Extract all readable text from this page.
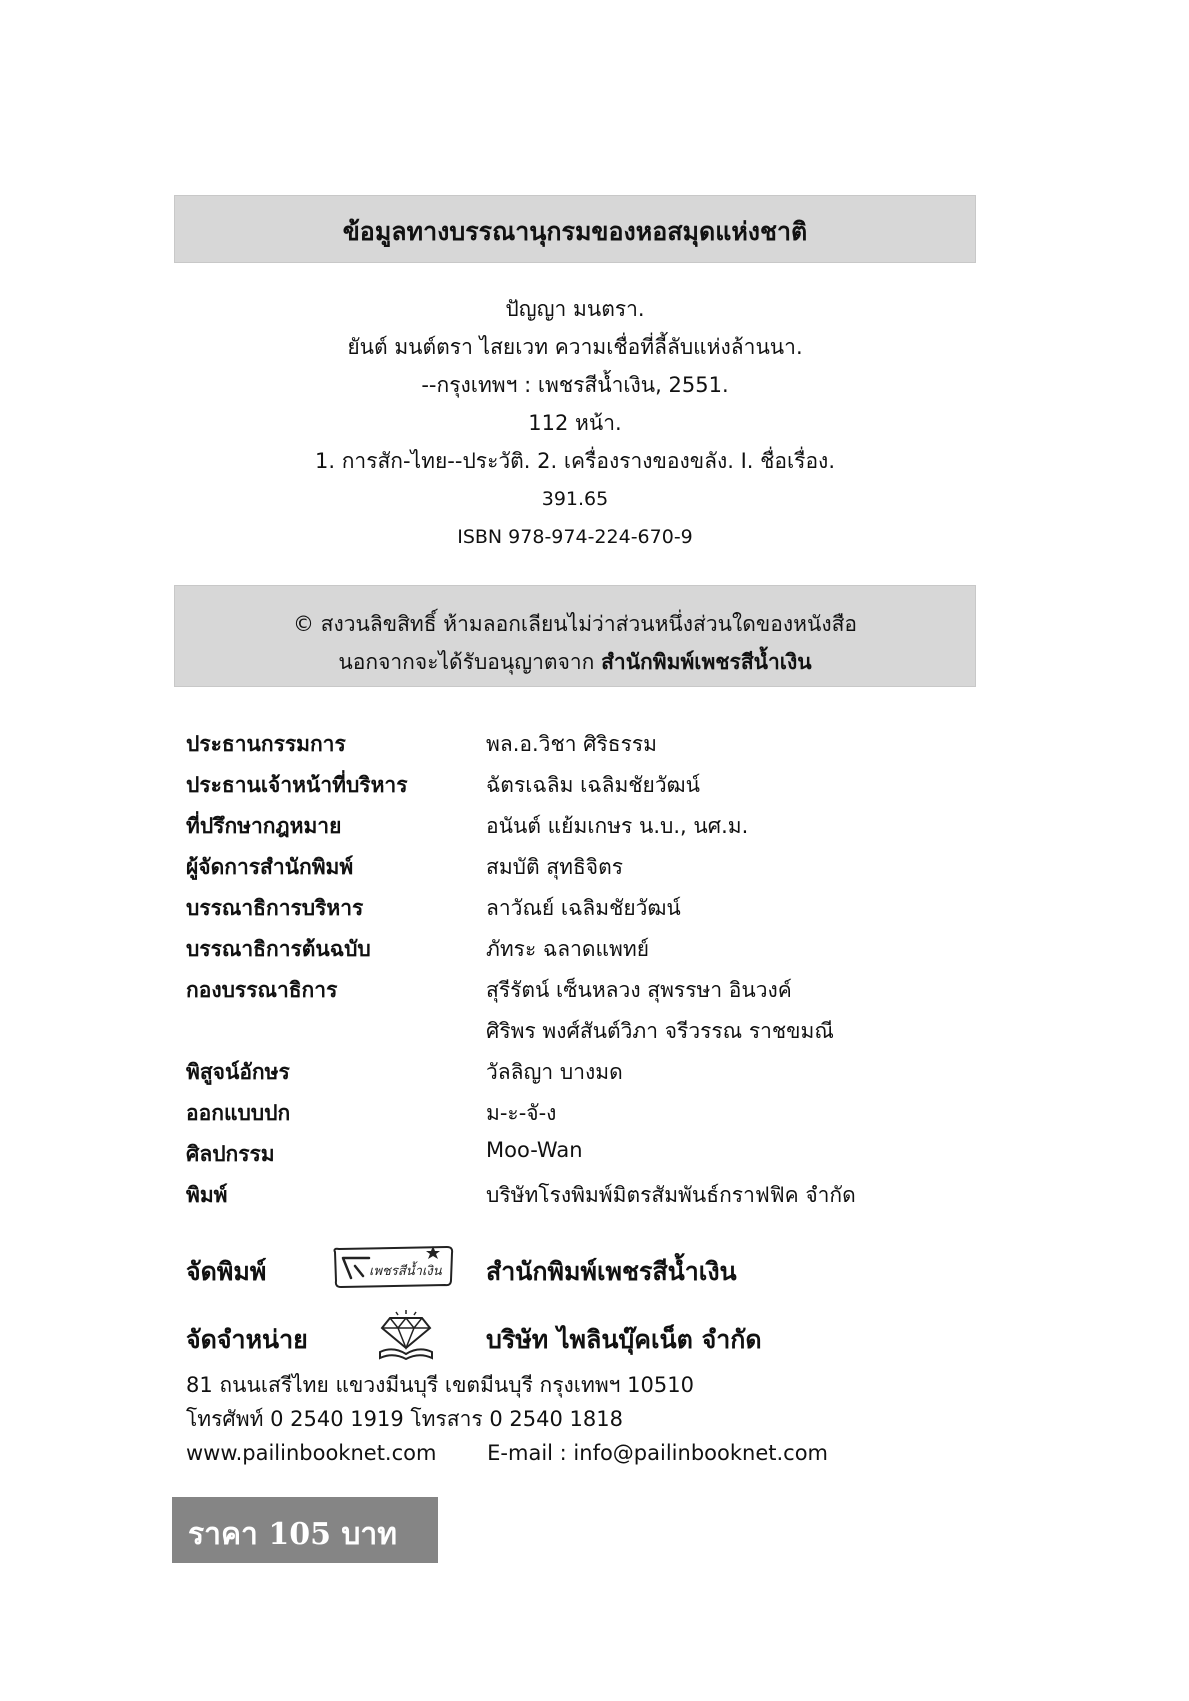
ข้อมูลทางบรรณานุกรมของหอสมุดแห่งชาติ
ปัญญา มนตรา.
ยันต์ มนต์ตรา ไสยเวท ความเชื่อที่ลี้ลับแห่งล้านนา.
--กรุงเทพฯ : เพชรสีน้ำเงิน, 2551.
112 หน้า.
1. การสัก-ไทย--ประวัติ. 2. เครื่องรางของขลัง. I. ชื่อเรื่อง.
391.65
ISBN 978-974-224-670-9
© สงวนลิขสิทธิ์ ห้ามลอกเลียนไม่ว่าส่วนหนึ่งส่วนใดของหนังสือ
นอกจากจะได้รับอนุญาตจาก สำนักพิมพ์เพชรสีน้ำเงิน
ประธานกรรมการ	พล.อ.วิชา ศิริธรรม
ประธานเจ้าหน้าที่บริหาร	ฉัตรเฉลิม เฉลิมชัยวัฒน์
ที่ปรึกษากฎหมาย	อนันต์ แย้มเกษร น.บ., นศ.ม.
ผู้จัดการสำนักพิมพ์	สมบัติ สุทธิจิตร
บรรณาธิการบริหาร	ลาวัณย์ เฉลิมชัยวัฒน์
บรรณาธิการต้นฉบับ	ภัทระ ฉลาดแพทย์
กองบรรณาธิการ	สุรีรัตน์ เซ็นหลวง สุพรรษา อินวงค์
ศิริพร พงศ์สันต์วิภา จรีวรรณ ราชขมณี
พิสูจน์อักษร	วัลลิญา บางมด
ออกแบบปก	ม-ะ-จั-ง
ศิลปกรรม	Moo-Wan
พิมพ์	บริษัทโรงพิมพ์มิตรสัมพันธ์กราฟฟิค จำกัด
จัดพิมพ์	เพชรสีน้ำเงิน สำนักพิมพ์เพชรสีน้ำเงิน
จัดจำหน่าย	บริษัท ไพลินบุ๊คเน็ต จำกัด
81 ถนนเสรีไทย แขวงมีนบุรี เขตมีนบุรี กรุงเทพฯ 10510
โทรศัพท์ 0 2540 1919 โทรสาร 0 2540 1818
www.pailinbooknet.com E-mail : info@pailinbooknet.com
ราคา 105 บาท
